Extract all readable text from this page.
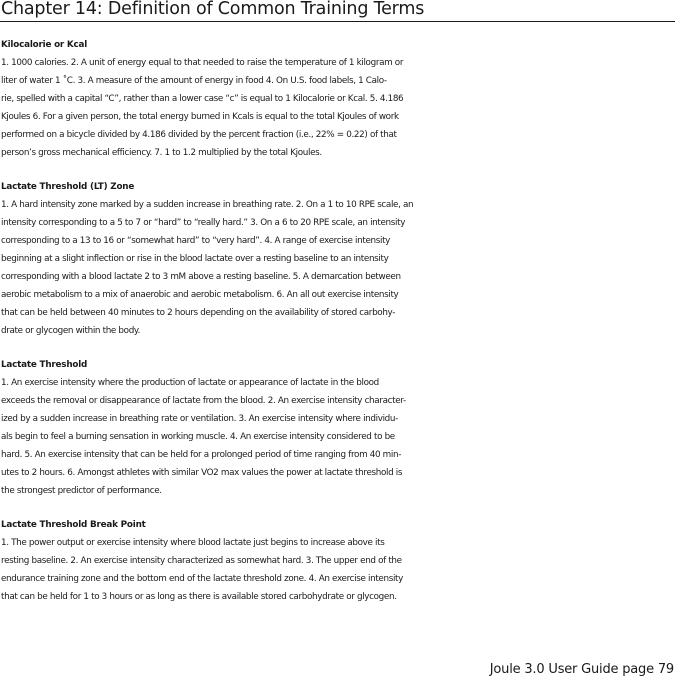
Chapter 14: Definition of Common Training Terms
Kilocalorie or Kcal
1. 1000 calories. 2. A unit of energy equal to that needed to raise the temperature of 1 kilogram or
liter of water 1 ˚C. 3. A measure of the amount of energy in food 4. On U.S. food labels, 1 Calo-
rie, spelled with a capital “C”, rather than a lower case “c” is equal to 1 Kilocalorie or Kcal. 5. 4.186
Kjoules 6. For a given person, the total energy burned in Kcals is equal to the total Kjoules of work
performed on a bicycle divided by 4.186 divided by the percent fraction (i.e., 22% = 0.22) of that
person’s gross mechanical efficiency. 7. 1 to 1.2 multiplied by the total Kjoules.
Lactate Threshold (LT) Zone
1. A hard intensity zone marked by a sudden increase in breathing rate. 2. On a 1 to 10 RPE scale, an
intensity corresponding to a 5 to 7 or “hard” to “really hard.” 3. On a 6 to 20 RPE scale, an intensity
corresponding to a 13 to 16 or “somewhat hard” to “very hard”. 4. A range of exercise intensity
beginning at a slight inflection or rise in the blood lactate over a resting baseline to an intensity
corresponding with a blood lactate 2 to 3 mM above a resting baseline. 5. A demarcation between
aerobic metabolism to a mix of anaerobic and aerobic metabolism. 6. An all out exercise intensity
that can be held between 40 minutes to 2 hours depending on the availability of stored carbohy-
drate or glycogen within the body.
Lactate Threshold
1. An exercise intensity where the production of lactate or appearance of lactate in the blood
exceeds the removal or disappearance of lactate from the blood. 2. An exercise intensity character-
ized by a sudden increase in breathing rate or ventilation. 3. An exercise intensity where individu-
als begin to feel a burning sensation in working muscle. 4. An exercise intensity considered to be
hard. 5. An exercise intensity that can be held for a prolonged period of time ranging from 40 min-
utes to 2 hours. 6. Amongst athletes with similar VO2 max values the power at lactate threshold is
the strongest predictor of performance.
Lactate Threshold Break Point
1. The power output or exercise intensity where blood lactate just begins to increase above its
resting baseline. 2. An exercise intensity characterized as somewhat hard. 3. The upper end of the
endurance training zone and the bottom end of the lactate threshold zone. 4. An exercise intensity
that can be held for 1 to 3 hours or as long as there is available stored carbohydrate or glycogen.
Joule 3.0 User Guide page 79
